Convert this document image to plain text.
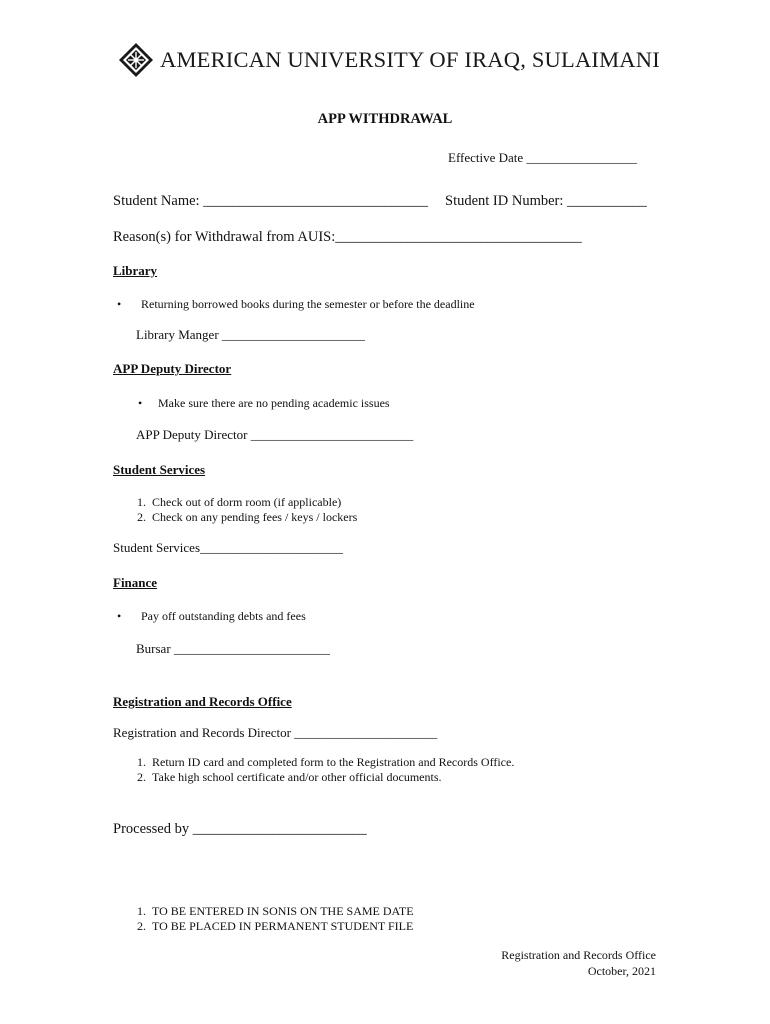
AMERICAN UNIVERSITY OF IRAQ, SULAIMANI
APP WITHDRAWAL
Effective Date _________________
Student Name: _______________________________ Student ID Number: ___________
Reason(s) for Withdrawal from AUIS:__________________________________
Library
• Returning borrowed books during the semester or before the deadline
Library Manger ______________________
APP Deputy Director
• Make sure there are no pending academic issues
APP Deputy Director _________________________
Student Services
1. Check out of dorm room (if applicable)
2. Check on any pending fees / keys / lockers
Student Services______________________
Finance
• Pay off outstanding debts and fees
Bursar ________________________
Registration and Records Office
Registration and Records Director ______________________
1. Return ID card and completed form to the Registration and Records Office.
2. Take high school certificate and/or other official documents.
Processed by ________________________
1. TO BE ENTERED IN SONIS ON THE SAME DATE
2. TO BE PLACED IN PERMANENT STUDENT FILE
Registration and Records Office
October, 2021
